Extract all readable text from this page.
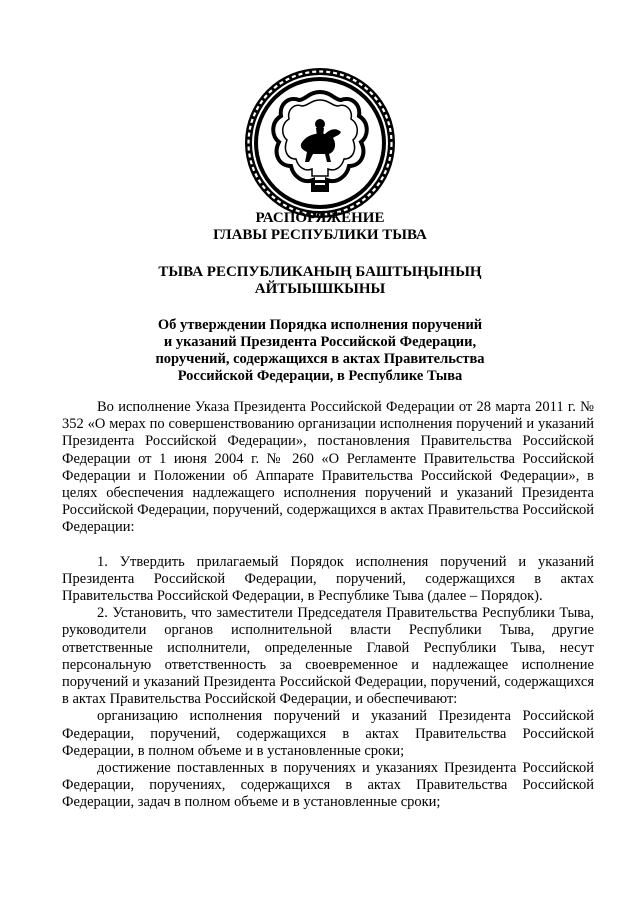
РАСПОРЯЖЕНИЕ
ГЛАВЫ РЕСПУБЛИКИ ТЫВА
ТЫВА РЕСПУБЛИКАНЫҢ БАШТЫҢЫНЫҢ
АЙТЫЫШКЫНЫ
Об утверждении Порядка исполнения поручений
и указаний Президента Российской Федерации,
поручений, содержащихся в актах Правительства
Российской Федерации, в Республике Тыва

Во исполнение Указа Президента Российской Федерации от 28 марта 2011 г. № 352 «О мерах по совершенствованию организации исполнения поручений и указаний Президента Российской Федерации», постановления Правительства Российской Федерации от 1 июня 2004 г. № 260 «О Регламенте Правительства Российской Федерации и Положении об Аппарате Правительства Российской Федерации», в целях обеспечения надлежащего исполнения поручений и указаний Президента Российской Федерации, поручений, содержащихся в актах Правительства Российской Федерации:

1. Утвердить прилагаемый Порядок исполнения поручений и указаний Президента Российской Федерации, поручений, содержащихся в актах Правительства Российской Федерации, в Республике Тыва (далее – Порядок).

2. Установить, что заместители Председателя Правительства Республики Тыва, руководители органов исполнительной власти Республики Тыва, другие ответственные исполнители, определенные Главой Республики Тыва, несут персональную ответственность за своевременное и надлежащее исполнение поручений и указаний Президента Российской Федерации, поручений, содержащихся в актах Правительства Российской Федерации, и обеспечивают:

организацию исполнения поручений и указаний Президента Российской Федерации, поручений, содержащихся в актах Правительства Российской Федерации, в полном объеме и в установленные сроки;

достижение поставленных в поручениях и указаниях Президента Российской Федерации, поручениях, содержащихся в актах Правительства Российской Федерации, задач в полном объеме и в установленные сроки;
